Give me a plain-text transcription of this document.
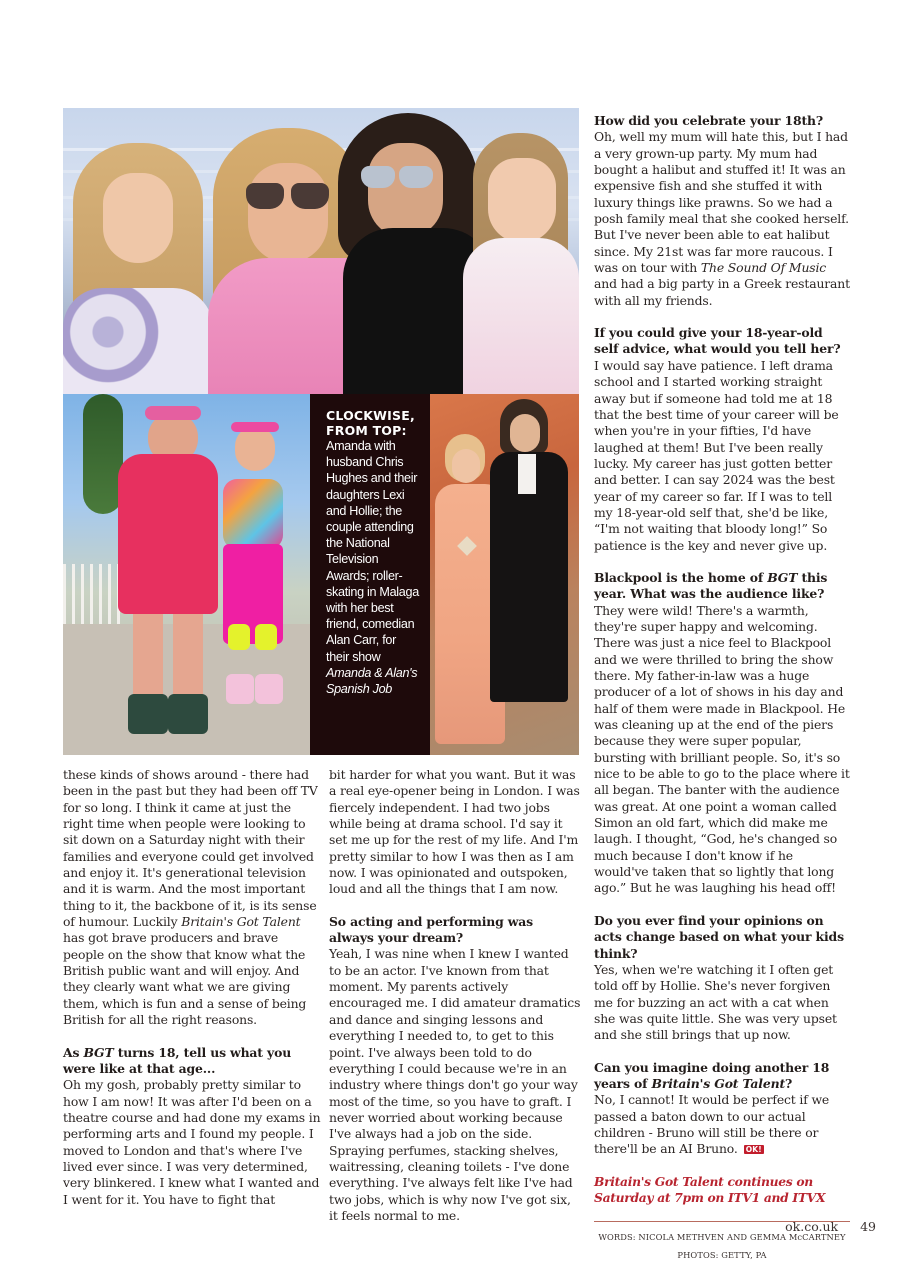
CLOCKWISE,
FROM TOP:
Amanda with husband Chris Hughes and their daughters Lexi and Hollie; the couple attending the National Television Awards; roller-skating in Malaga with her best friend, comedian Alan Carr, for their show Amanda & Alan's Spanish Job

these kinds of shows around - there had been in the past but they had been off TV for so long. I think it came at just the right time when people were looking to sit down on a Saturday night with their families and everyone could get involved and enjoy it. It's generational television and it is warm. And the most important thing to it, the backbone of it, is its sense of humour. Luckily Britain's Got Talent has got brave producers and brave people on the show that know what the British public want and will enjoy. And they clearly want what we are giving them, which is fun and a sense of being British for all the right reasons.

As BGT turns 18, tell us what you were like at that age...

Oh my gosh, probably pretty similar to how I am now! It was after I'd been on a theatre course and had done my exams in performing arts and I found my people. I moved to London and that's where I've lived ever since. I was very determined, very blinkered. I knew what I wanted and I went for it. You have to fight that

bit harder for what you want. But it was a real eye-opener being in London. I was fiercely independent. I had two jobs while being at drama school. I'd say it set me up for the rest of my life. And I'm pretty similar to how I was then as I am now. I was opinionated and outspoken, loud and all the things that I am now.

So acting and performing was always your dream?

Yeah, I was nine when I knew I wanted to be an actor. I've known from that moment. My parents actively encouraged me. I did amateur dramatics and dance and singing lessons and everything I needed to, to get to this point. I've always been told to do everything I could because we're in an industry where things don't go your way most of the time, so you have to graft. I never worried about working because I've always had a job on the side. Spraying perfumes, stacking shelves, waitressing, cleaning toilets - I've done everything. I've always felt like I've had two jobs, which is why now I've got six, it feels normal to me.

How did you celebrate your 18th?

Oh, well my mum will hate this, but I had a very grown-up party. My mum had bought a halibut and stuffed it! It was an expensive fish and she stuffed it with luxury things like prawns. So we had a posh family meal that she cooked herself. But I've never been able to eat halibut since. My 21st was far more raucous. I was on tour with The Sound Of Music and had a big party in a Greek restaurant with all my friends.

If you could give your 18-year-old self advice, what would you tell her?

I would say have patience. I left drama school and I started working straight away but if someone had told me at 18 that the best time of your career will be when you're in your fifties, I'd have laughed at them! But I've been really lucky. My career has just gotten better and better. I can say 2024 was the best year of my career so far. If I was to tell my 18-year-old self that, she'd be like, “I'm not waiting that bloody long!” So patience is the key and never give up.

Blackpool is the home of BGT this year. What was the audience like?

They were wild! There's a warmth, they're super happy and welcoming. There was just a nice feel to Blackpool and we were thrilled to bring the show there. My father-in-law was a huge producer of a lot of shows in his day and half of them were made in Blackpool. He was cleaning up at the end of the piers because they were super popular, bursting with brilliant people. So, it's so nice to be able to go to the place where it all began. The banter with the audience was great. At one point a woman called Simon an old fart, which did make me laugh. I thought, “God, he's changed so much because I don't know if he would've taken that so lightly that long ago.” But he was laughing his head off!

Do you ever find your opinions on acts change based on what your kids think?

Yes, when we're watching it I often get told off by Hollie. She's never forgiven me for buzzing an act with a cat when she was quite little. She was very upset and she still brings that up now.

Can you imagine doing another 18 years of Britain's Got Talent?

No, I cannot! It would be perfect if we passed a baton down to our actual children - Bruno will still be there or there'll be an AI Bruno. OK!

Britain's Got Talent continues on Saturday at 7pm on ITV1 and ITVX

WORDS: NICOLA METHVEN AND GEMMA McCARTNEY

PHOTOS: GETTY, PA

ok.co.uk 49
